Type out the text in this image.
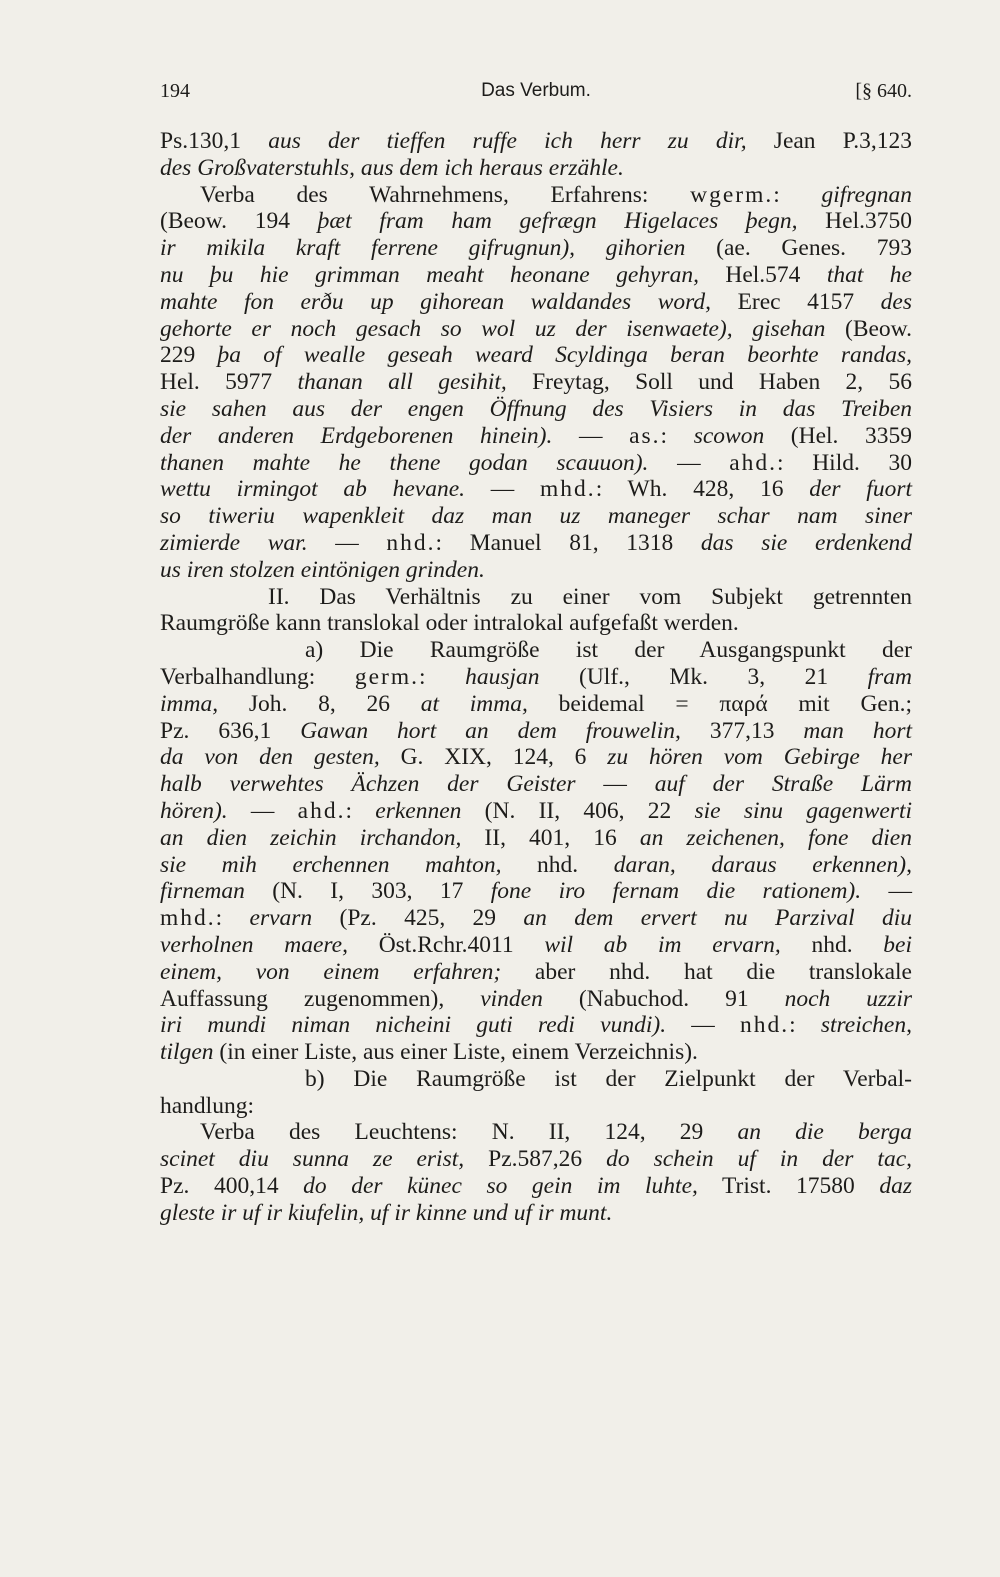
194	Das Verbum.	[§ 640.
Ps.130,1 aus der tieffen ruffe ich herr zu dir, Jean P.3,123
des Großvaterstuhls, aus dem ich heraus erzähle.
Verba des Wahrnehmens, Erfahrens: wgerm.: gifregnan
(Beow. 194 þæt fram ham gefrægn Higelaces þegn, Hel.3750
ir mikila kraft ferrene gifrugnun), gihorien (ae. Genes. 793
nu þu hie grimman meaht heonane gehyran, Hel.574 that he
mahte fon erðu up gihorean waldandes word, Erec 4157 des
gehorte er noch gesach so wol uz der isenwaete), gisehan (Beow.
229 þa of wealle geseah weard Scyldinga beran beorhte randas,
Hel. 5977 thanan all gesihit, Freytag, Soll und Haben 2, 56
sie sahen aus der engen Öffnung des Visiers in das Treiben
der anderen Erdgeborenen hinein). — as.: scowon (Hel. 3359
thanen mahte he thene godan scauuon). — ahd.: Hild. 30
wettu irmingot ab hevane. — mhd.: Wh. 428, 16 der fuort
so tiweriu wapenkleit daz man uz maneger schar nam siner
zimierde war. — nhd.: Manuel 81, 1318 das sie erdenkend
us iren stolzen eintönigen grinden.
II. Das Verhältnis zu einer vom Subjekt getrennten
Raumgröße kann translokal oder intralokal aufgefaßt werden.
a) Die Raumgröße ist der Ausgangspunkt der
Verbalhandlung: germ.: hausjan (Ulf., Mk. 3, 21 fram
imma, Joh. 8, 26 at imma, beidemal = παρά mit Gen.;
Pz. 636,1 Gawan hort an dem frouwelin, 377,13 man hort
da von den gesten, G. XIX, 124, 6 zu hören vom Gebirge her
halb verwehtes Ächzen der Geister — auf der Straße Lärm
hören). — ahd.: erkennen (N. II, 406, 22 sie sinu gagenwerti
an dien zeichin irchandon, II, 401, 16 an zeichenen, fone dien
sie mih erchennen mahton, nhd. daran, daraus erkennen),
firneman (N. I, 303, 17 fone iro fernam die rationem). —
mhd.: ervarn (Pz. 425, 29 an dem ervert nu Parzival diu
verholnen maere, Öst.Rchr.4011 wil ab im ervarn, nhd. bei
einem, von einem erfahren; aber nhd. hat die translokale
Auffassung zugenommen), vinden (Nabuchod. 91 noch uzzir
iri mundi niman nicheini guti redi vundi). — nhd.: streichen,
tilgen (in einer Liste, aus einer Liste, einem Verzeichnis).
b) Die Raumgröße ist der Zielpunkt der Verbal-
handlung:
Verba des Leuchtens: N. II, 124, 29 an die berga
scinet diu sunna ze erist, Pz.587,26 do schein uf in der tac,
Pz. 400,14 do der künec so gein im luhte, Trist. 17580 daz
gleste ir uf ir kiufelin, uf ir kinne und uf ir munt.
